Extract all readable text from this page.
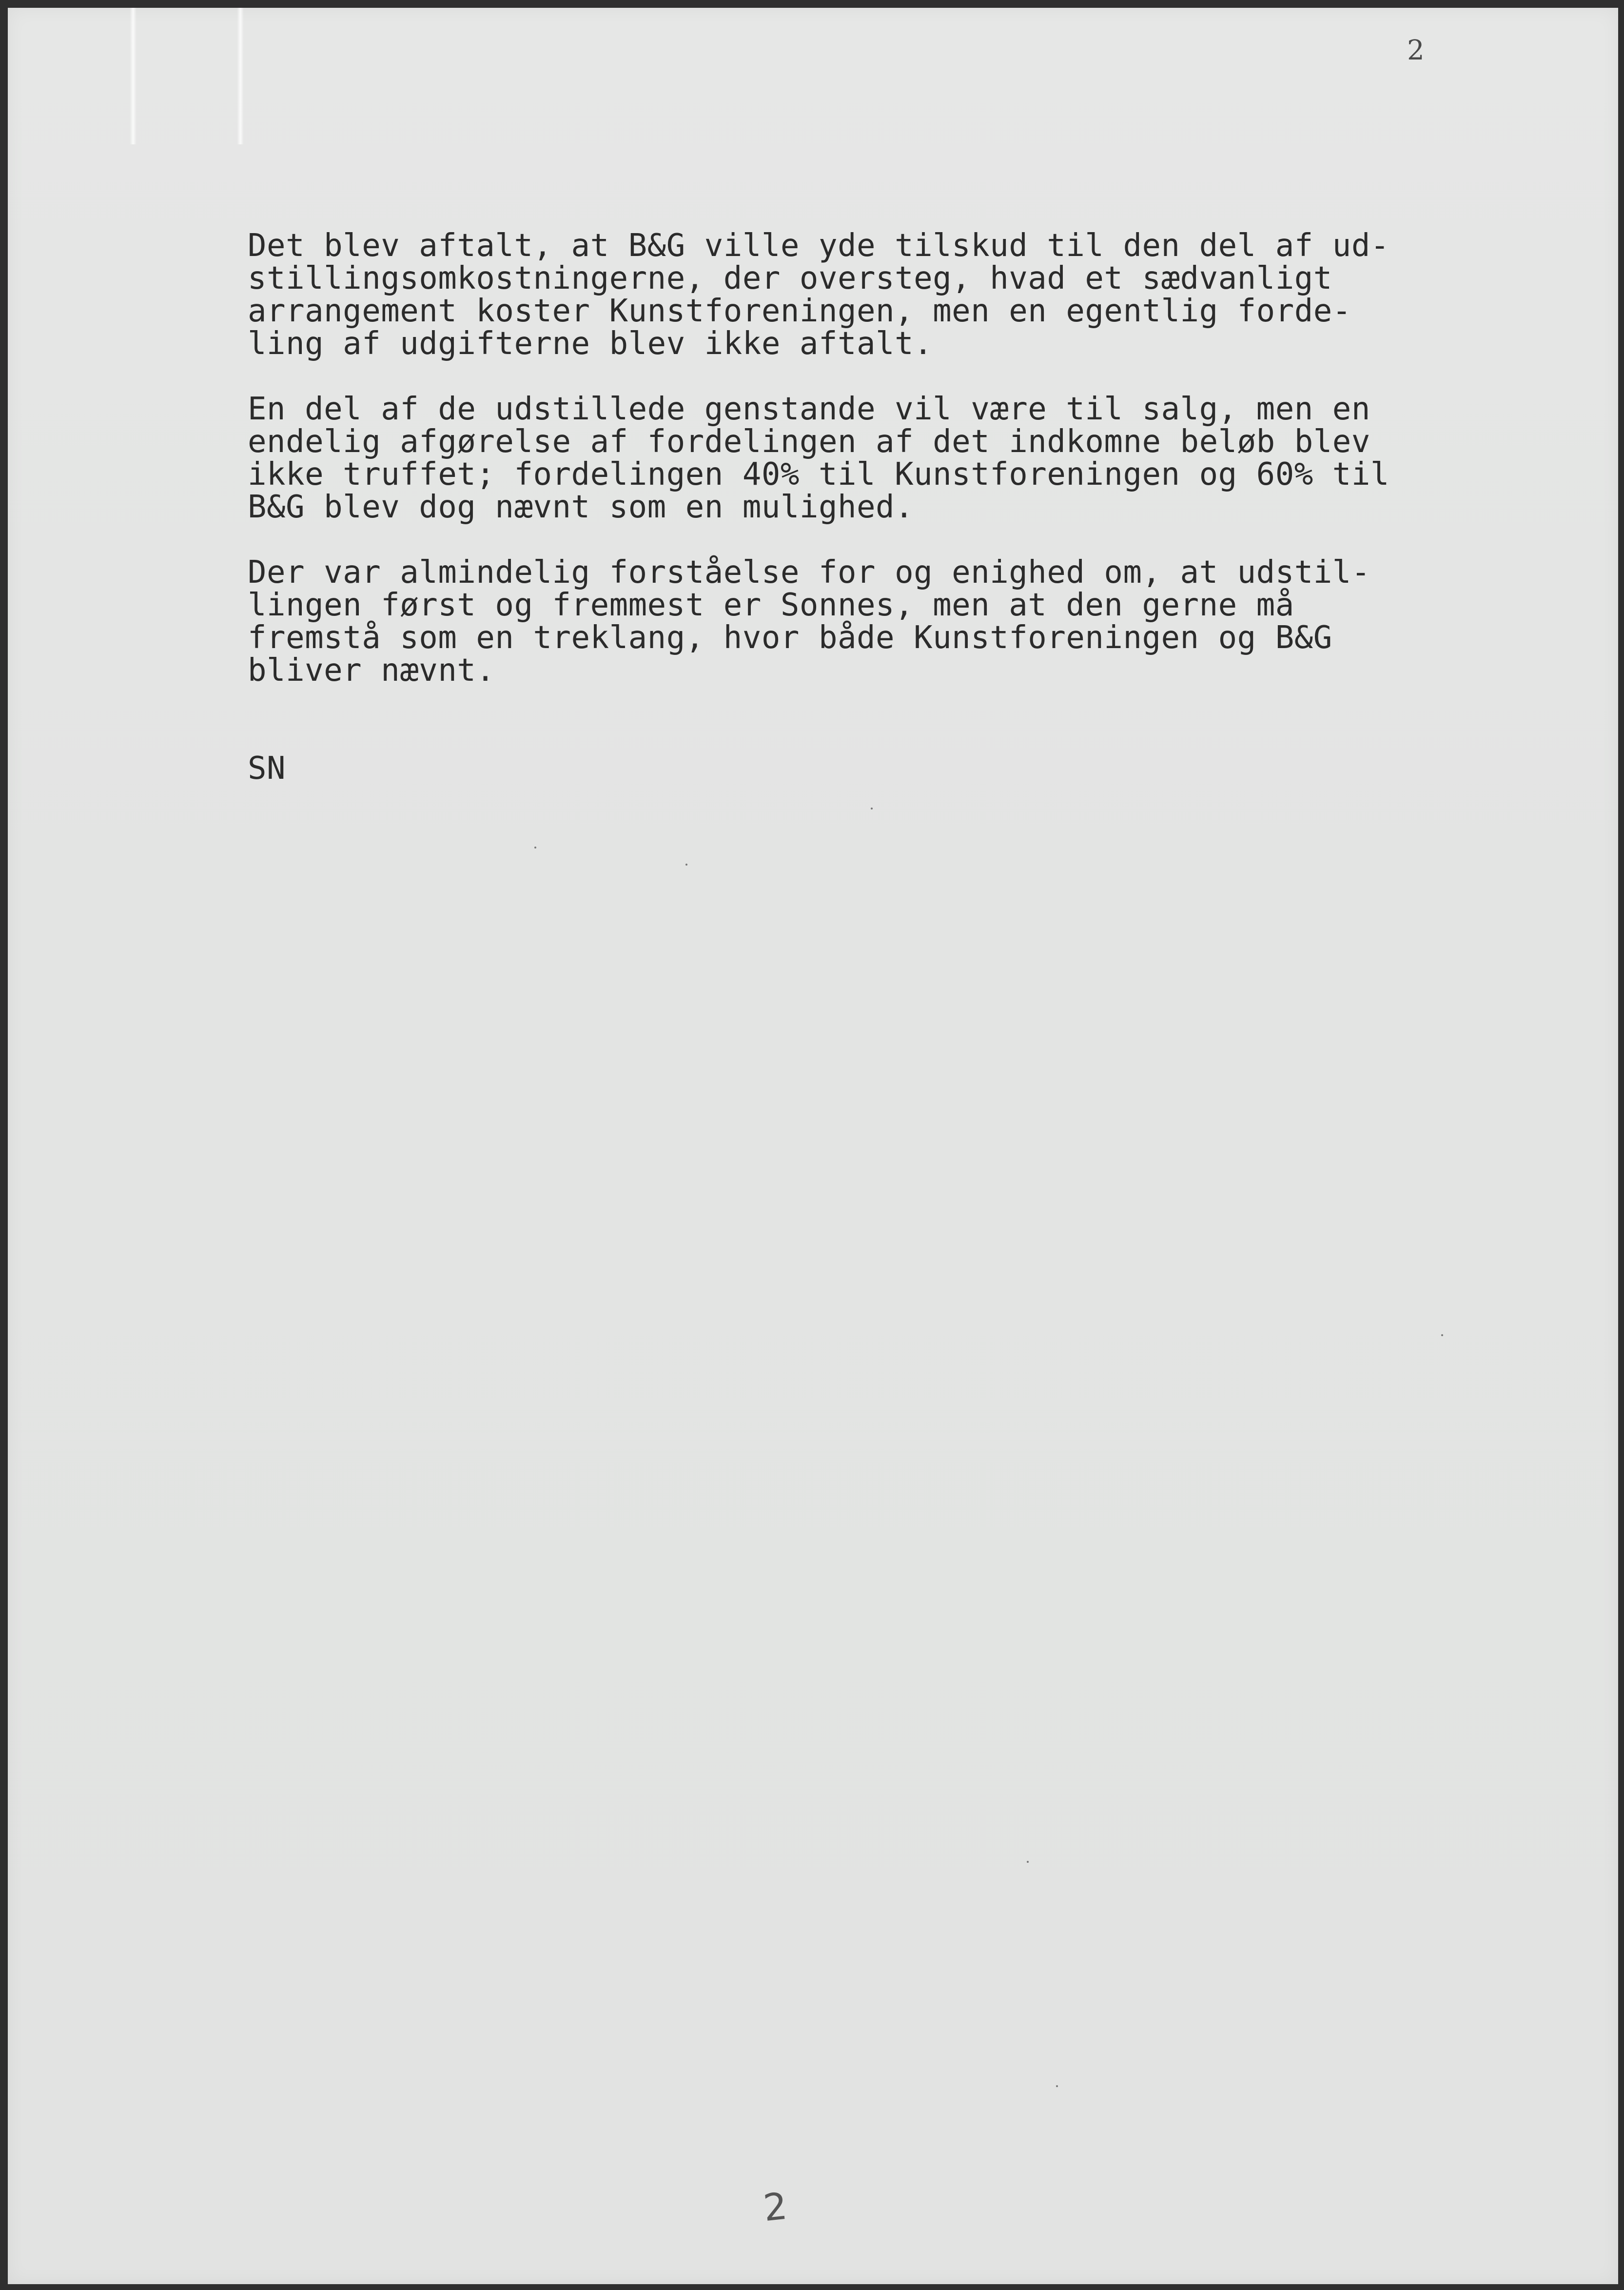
2
Det blev aftalt, at B&G ville yde tilskud til den del af ud-
stillingsomkostningerne, der oversteg, hvad et sædvanligt
arrangement koster Kunstforeningen, men en egentlig forde-
ling af udgifterne blev ikke aftalt.
En del af de udstillede genstande vil være til salg, men en
endelig afgørelse af fordelingen af det indkomne beløb blev
ikke truffet; fordelingen 40% til Kunstforeningen og 60% til
B&G blev dog nævnt som en mulighed.
Der var almindelig forståelse for og enighed om, at udstil-
lingen først og fremmest er Sonnes, men at den gerne må
fremstå som en treklang, hvor både Kunstforeningen og B&G
bliver nævnt.
SN
2
